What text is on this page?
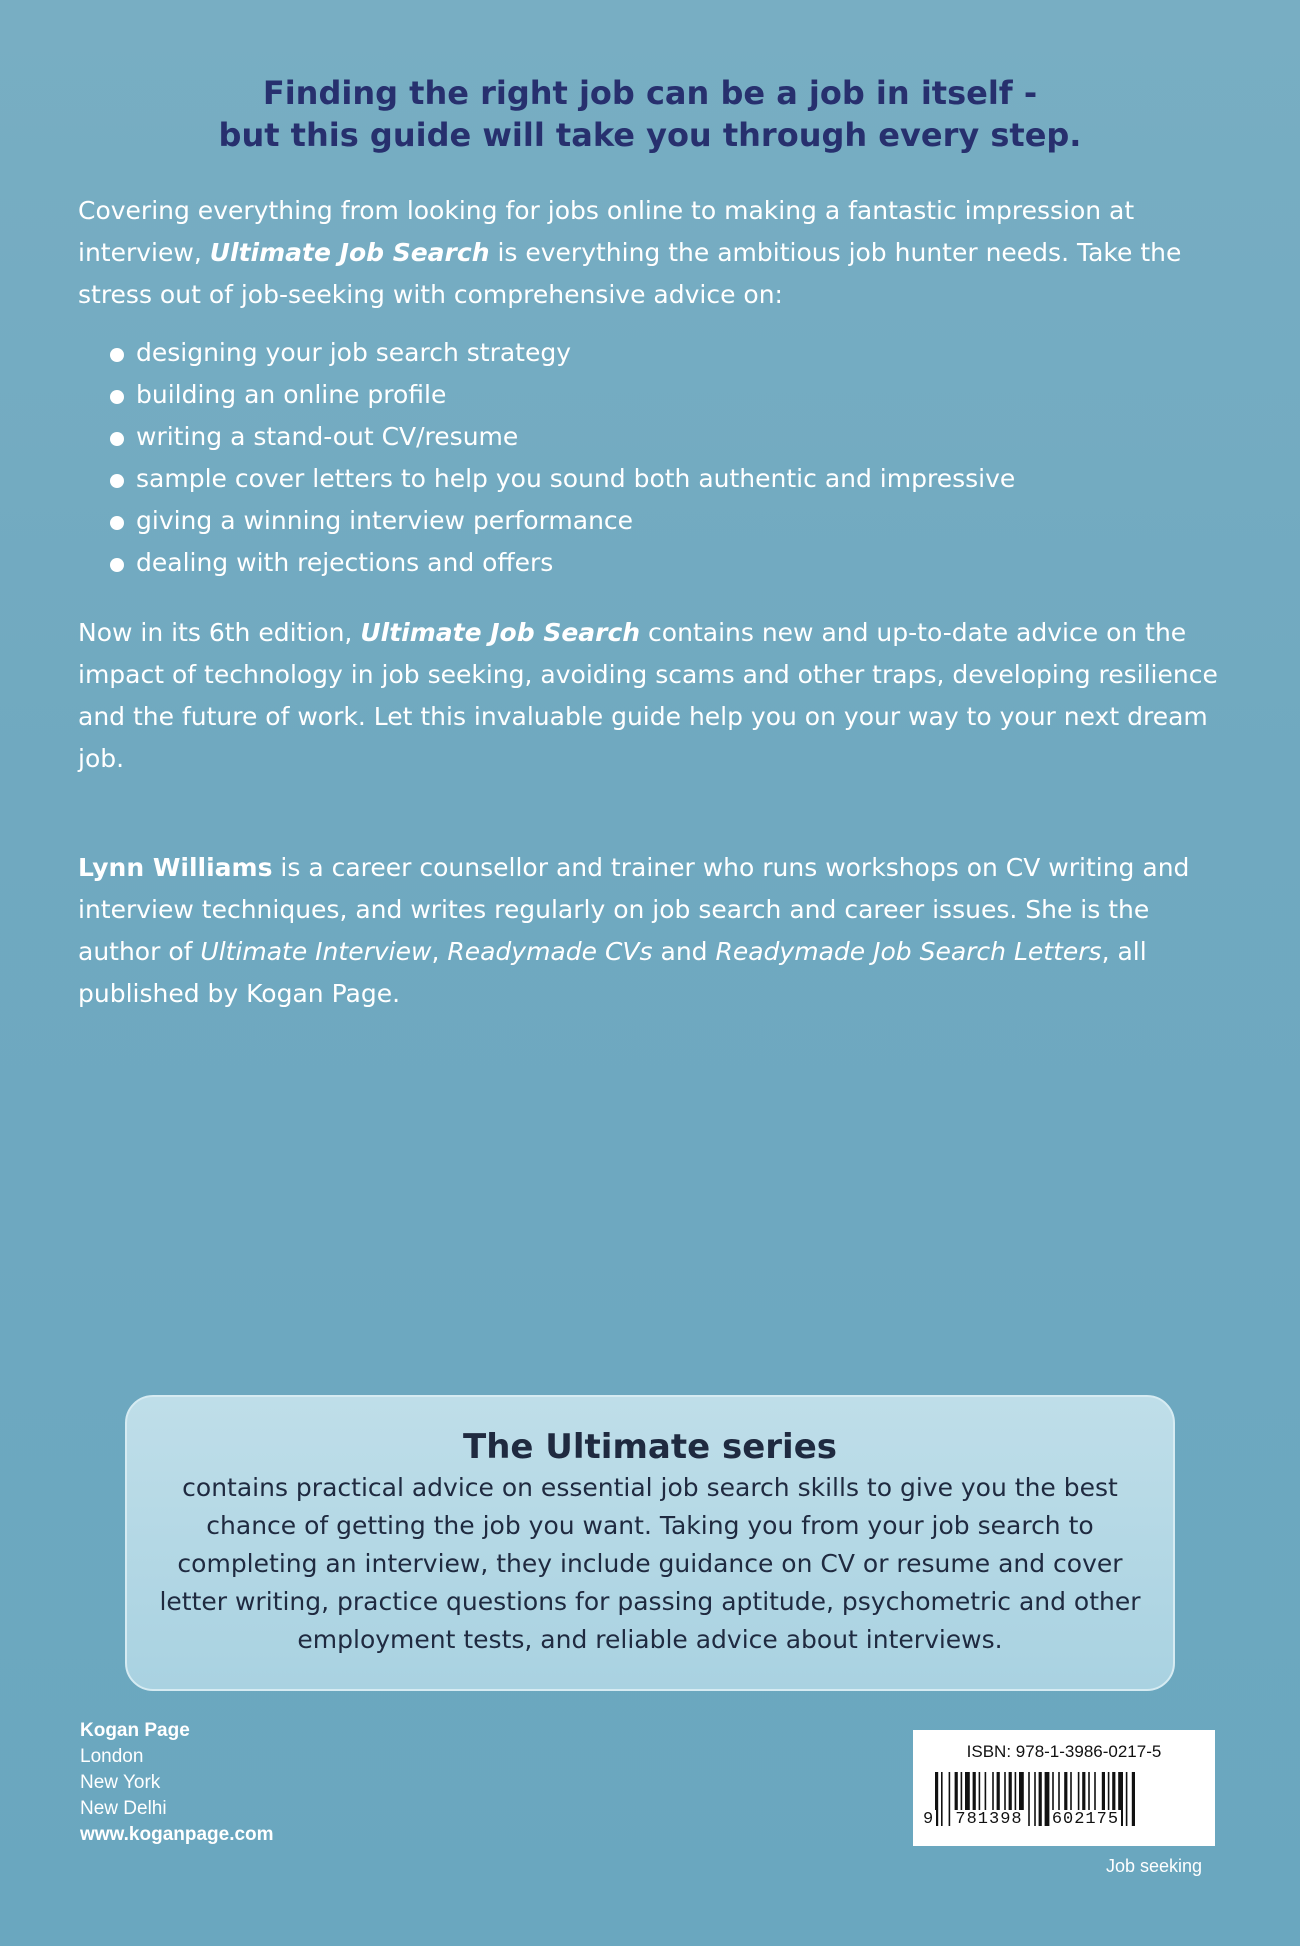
Finding the right job can be a job in itself -
but this guide will take you through every step.

Covering everything from looking for jobs online to making a fantastic impression at interview, Ultimate Job Search is everything the ambitious job hunter needs. Take the stress out of job-seeking with comprehensive advice on:

designing your job search strategy
building an online profile
writing a stand-out CV/resume
sample cover letters to help you sound both authentic and impressive
giving a winning interview performance
dealing with rejections and offers

Now in its 6th edition, Ultimate Job Search contains new and up-to-date advice on the impact of technology in job seeking, avoiding scams and other traps, developing resilience and the future of work. Let this invaluable guide help you on your way to your next dream job.

Lynn Williams is a career counsellor and trainer who runs workshops on CV writing and interview techniques, and writes regularly on job search and career issues. She is the author of Ultimate Interview, Readymade CVs and Readymade Job Search Letters, all published by Kogan Page.

The Ultimate series
contains practical advice on essential job search skills to give you the best chance of getting the job you want. Taking you from your job search to completing an interview, they include guidance on CV or resume and cover letter writing, practice questions for passing aptitude, psychometric and other employment tests, and reliable advice about interviews.
Kogan Page
London
New York
New Delhi
www.koganpage.com
ISBN: 978-1-3986-0217-5
9 781398 602175
Job seeking
